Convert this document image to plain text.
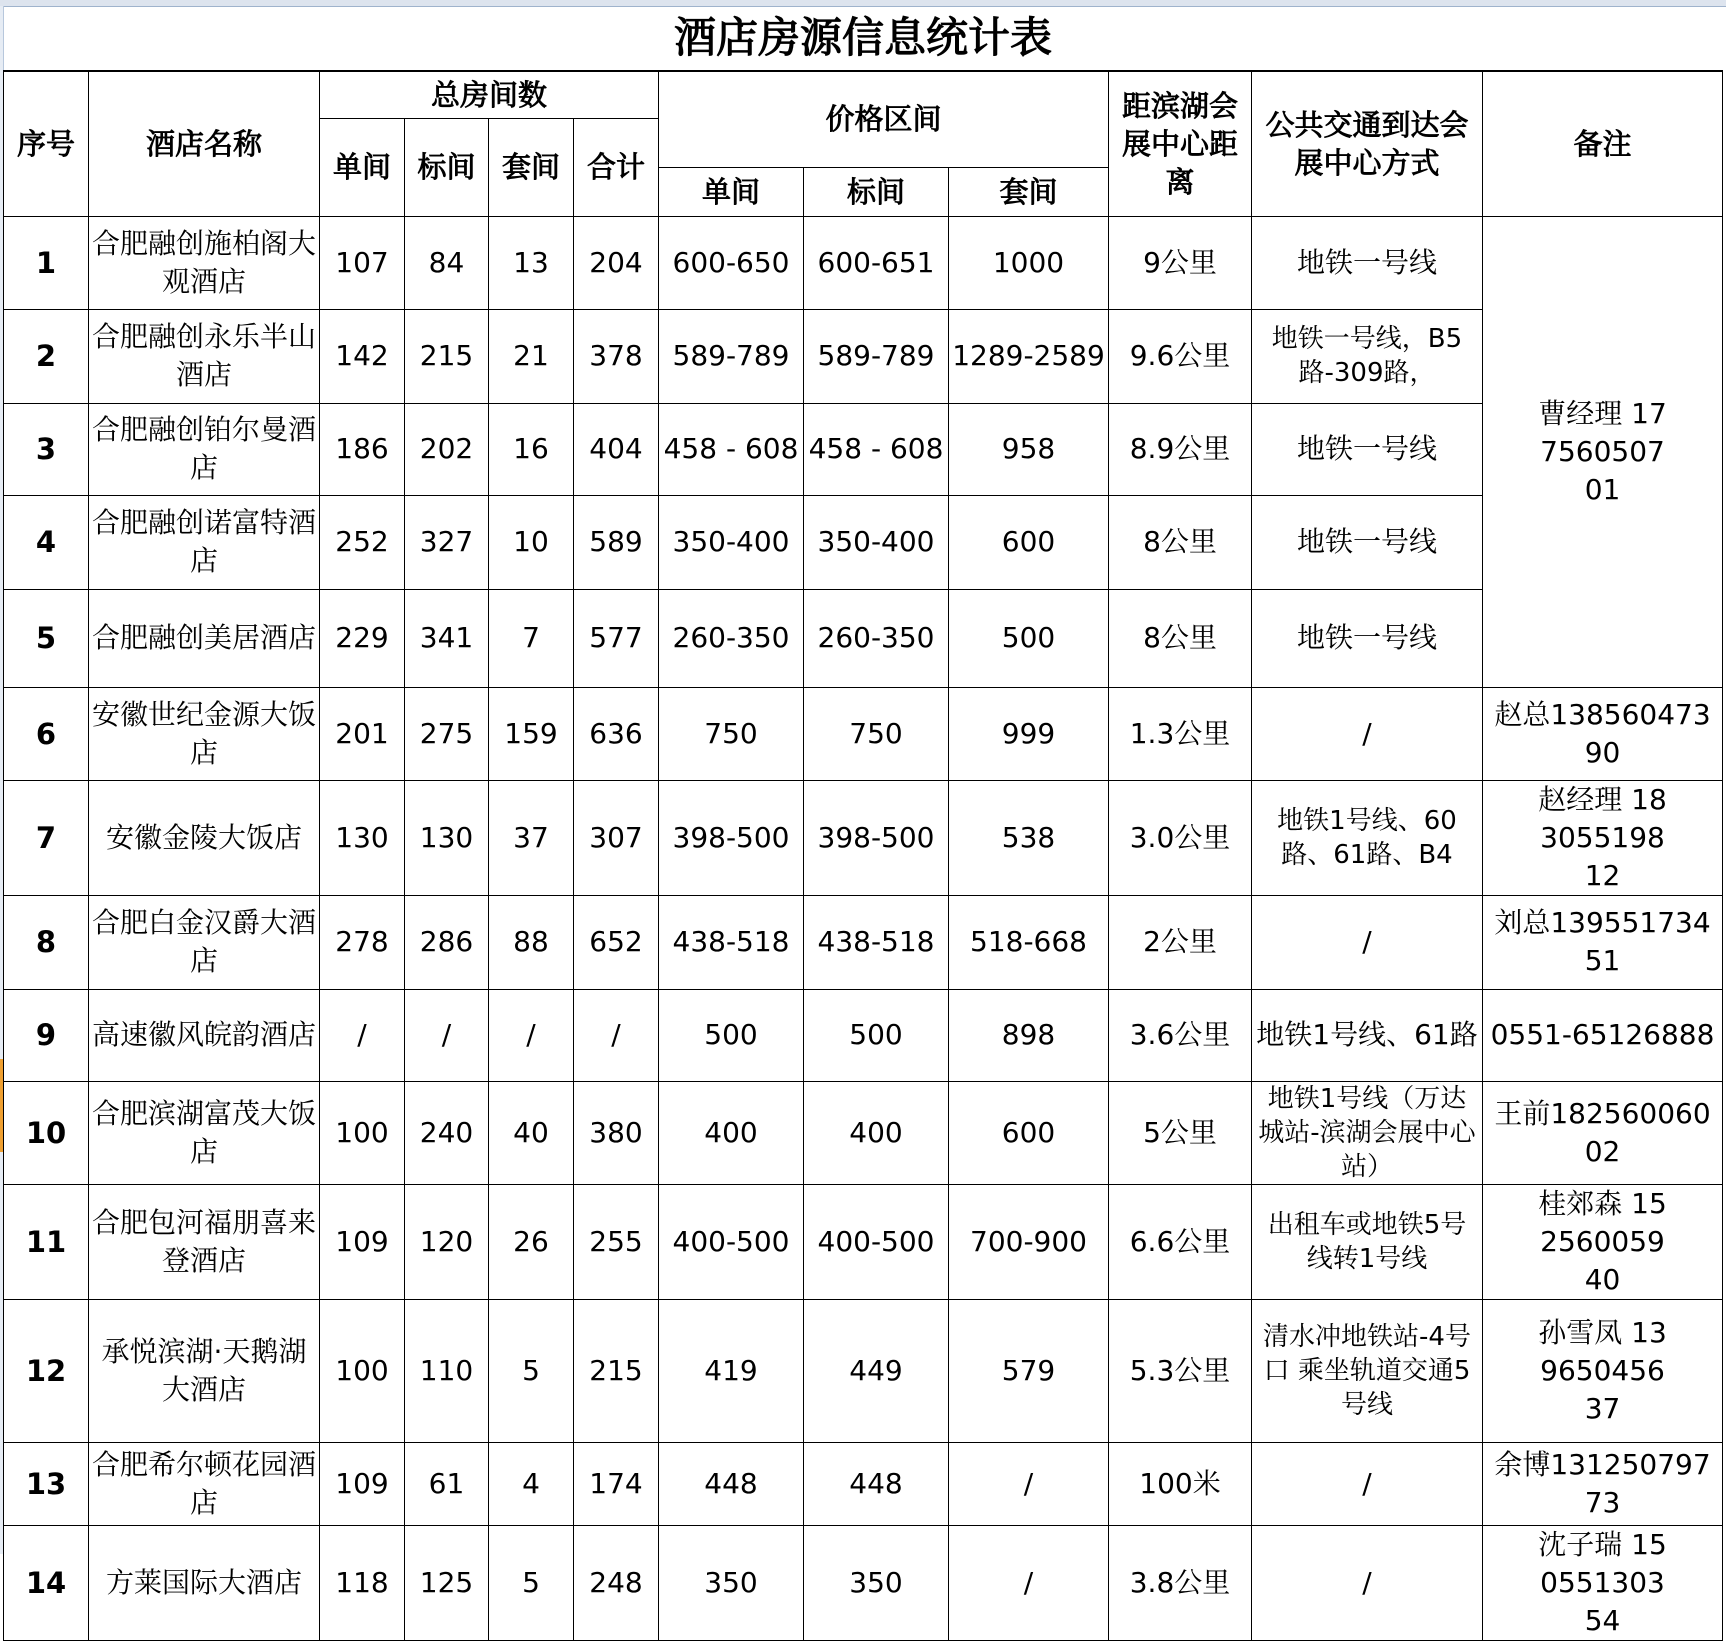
酒店房源信息统计表											
序号	酒店名称	总房间数				价格区间			距滨湖会展中心距离	公共交通到达会展中心方式	备注
		单间	标间	套间	合计						
						单间	标间	套间			
1	合肥融创施柏阁大观酒店	107	84	13	204	600-650	600-651	1000	9公里	地铁一号线	曹经理 17756050701
2	合肥融创永乐半山酒店	142	215	21	378	589-789	589-789	1289-2589	9.6公里	地铁一号线，B5路-309路，	
3	合肥融创铂尔曼酒店	186	202	16	404	458 - 608	458 - 608	958	8.9公里	地铁一号线	
4	合肥融创诺富特酒店	252	327	10	589	350-400	350-400	600	8公里	地铁一号线	
5	合肥融创美居酒店	229	341	7	577	260-350	260-350	500	8公里	地铁一号线	
6	安徽世纪金源大饭店	201	275	159	636	750	750	999	1.3公里	/	赵总13856047390
7	安徽金陵大饭店	130	130	37	307	398-500	398-500	538	3.0公里	地铁1号线、60路、61路、B4	赵经理 18305519812
8	合肥白金汉爵大酒店	278	286	88	652	438-518	438-518	518-668	2公里	/	刘总13955173451
9	高速徽风皖韵酒店	/	/	/	/	500	500	898	3.6公里	地铁1号线、61路	0551-65126888
10	合肥滨湖富茂大饭店	100	240	40	380	400	400	600	5公里	地铁1号线（万达城站-滨湖会展中心站）	王前18256006002
11	合肥包河福朋喜来登酒店	109	120	26	255	400-500	400-500	700-900	6.6公里	出租车或地铁5号线转1号线	桂郊森 15256005940
12	承悦滨湖·天鹅湖大酒店	100	110	5	215	419	449	579	5.3公里	清水冲地铁站-4号口 乘坐轨道交通5号线	孙雪凤 13965045637
13	合肥希尔顿花园酒店	109	61	4	174	448	448	/	100米	/	余博13125079773
14	方莱国际大酒店	118	125	5	248	350	350	/	3.8公里	/	沈子瑞 15055130354
